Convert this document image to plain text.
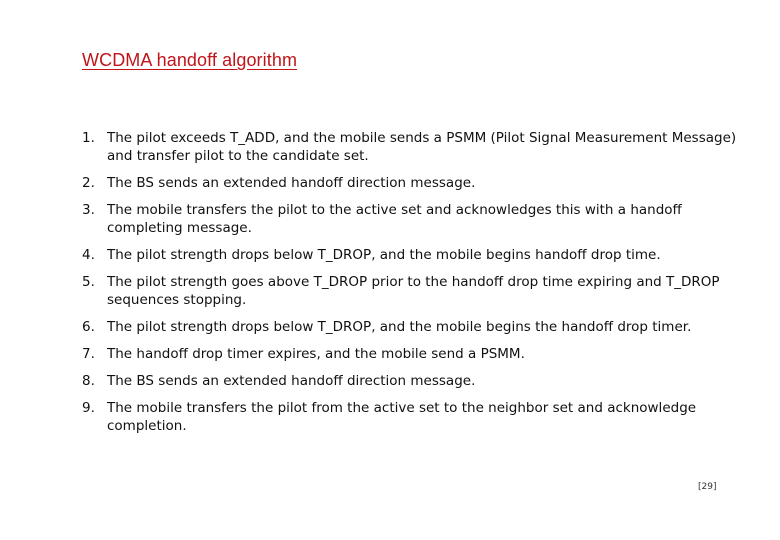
WCDMA handoff algorithm
1. The pilot exceeds T_ADD, and the mobile sends a PSMM (Pilot Signal Measurement Message) and transfer pilot to the candidate set.
2. The BS sends an extended handoff direction message.
3. The mobile transfers the pilot to the active set and acknowledges this with a handoff completing message.
4. The pilot strength drops below T_DROP, and the mobile begins handoff drop time.
5. The pilot strength goes above T_DROP prior to the handoff drop time expiring and T_DROP sequences stopping.
6. The pilot strength drops below T_DROP, and the mobile begins the handoff drop timer.
7. The handoff drop timer expires, and the mobile send a PSMM.
8. The BS sends an extended handoff direction message.
9. The mobile transfers the pilot from the active set to the neighbor set and acknowledge completion.
[29]
